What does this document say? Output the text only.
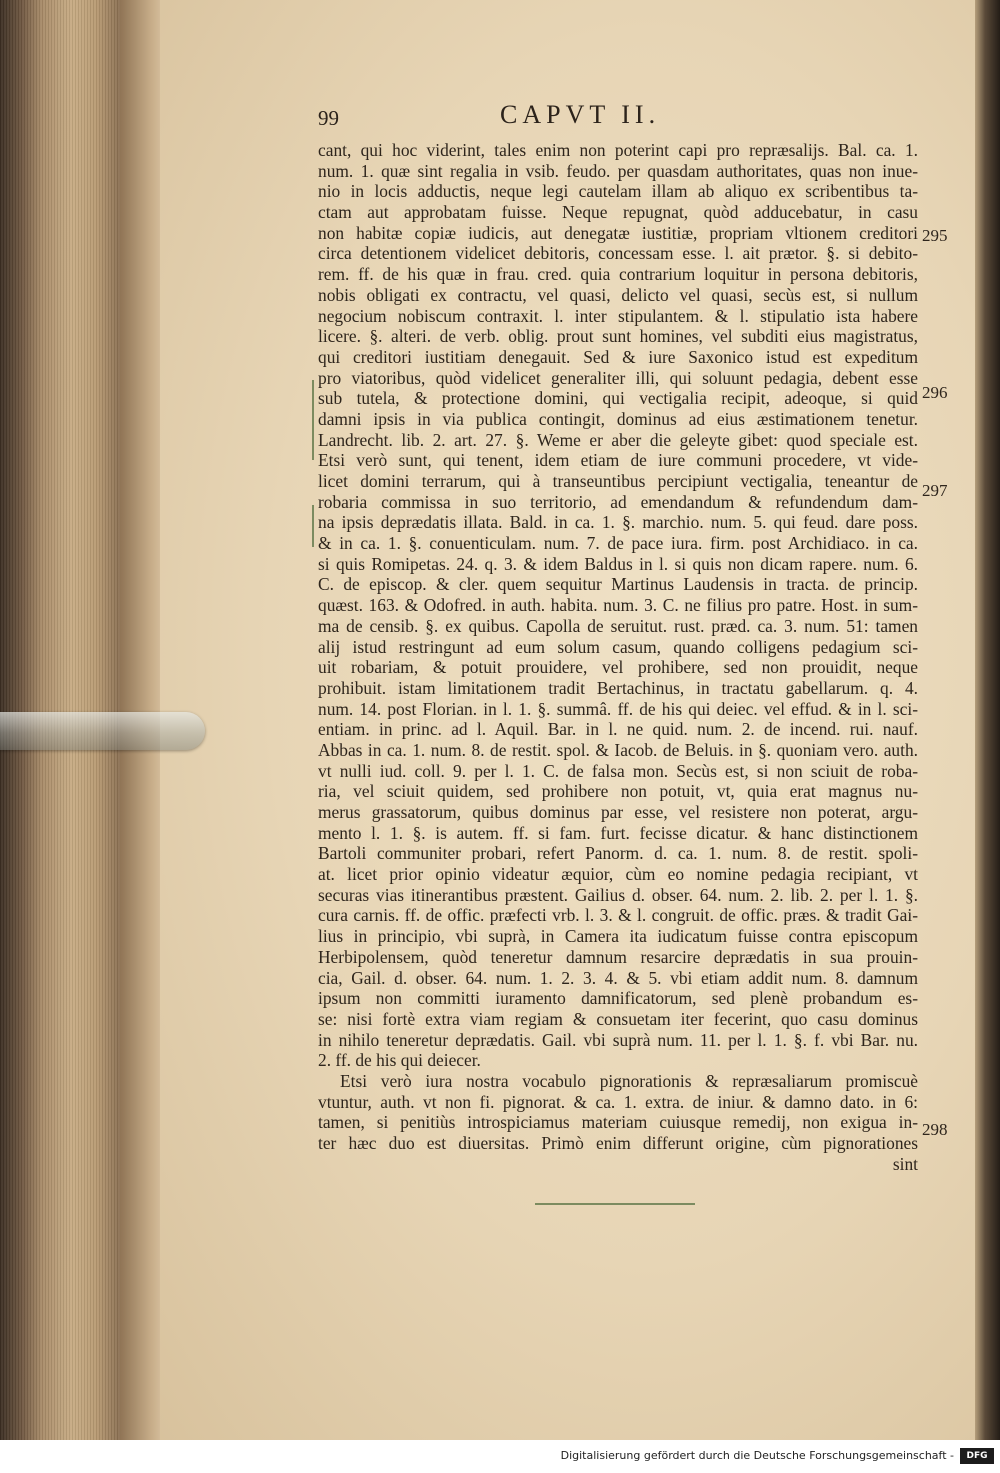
99	CAPVT II.
cant, qui hoc viderint, tales enim non poterint capi pro repræsalijs. Bal. ca. 1.
num. 1. quæ sint regalia in vsib. feudo. per quasdam authoritates, quas non inue-
nio in locis adductis, neque legi cautelam illam ab aliquo ex scribentibus ta-
ctam aut approbatam fuisse. Neque repugnat, quòd adducebatur, in casu
non habitæ copiæ iudicis, aut denegatæ iustitiæ, propriam vltionem creditori
circa detentionem videlicet debitoris, concessam esse. l. ait prætor. §. si debito-
rem. ff. de his quæ in frau. cred. quia contrarium loquitur in persona debitoris,
nobis obligati ex contractu, vel quasi, delicto vel quasi, secùs est, si nullum
negocium nobiscum contraxit. l. inter stipulantem. & l. stipulatio ista habere
licere. §. alteri. de verb. oblig. prout sunt homines, vel subditi eius magistratus,
qui creditori iustitiam denegauit. Sed & iure Saxonico istud est expeditum
pro viatoribus, quòd videlicet generaliter illi, qui soluunt pedagia, debent esse
sub tutela, & protectione domini, qui vectigalia recipit, adeoque, si quid
damni ipsis in via publica contingit, dominus ad eius æstimationem tenetur.
Landrecht. lib. 2. art. 27. §. Weme er aber die geleyte gibet: quod speciale est.
Etsi verò sunt, qui tenent, idem etiam de iure communi procedere, vt vide-
licet domini terrarum, qui à transeuntibus percipiunt vectigalia, teneantur de
robaria commissa in suo territorio, ad emendandum & refundendum dam-
na ipsis deprædatis illata. Bald. in ca. 1. §. marchio. num. 5. qui feud. dare poss.
& in ca. 1. §. conuenticulam. num. 7. de pace iura. firm. post Archidiaco. in ca.
si quis Romipetas. 24. q. 3. & idem Baldus in l. si quis non dicam rapere. num. 6.
C. de episcop. & cler. quem sequitur Martinus Laudensis in tracta. de princip.
quæst. 163. & Odofred. in auth. habita. num. 3. C. ne filius pro patre. Host. in sum-
ma de censib. §. ex quibus. Capolla de seruitut. rust. præd. ca. 3. num. 51: tamen
alij istud restringunt ad eum solum casum, quando colligens pedagium sci-
uit robariam, & potuit prouidere, vel prohibere, sed non prouidit, neque
prohibuit. istam limitationem tradit Bertachinus, in tractatu gabellarum. q. 4.
num. 14. post Florian. in l. 1. §. summâ. ff. de his qui deiec. vel effud. & in l. sci-
entiam. in princ. ad l. Aquil. Bar. in l. ne quid. num. 2. de incend. rui. nauf.
Abbas in ca. 1. num. 8. de restit. spol. & Iacob. de Beluis. in §. quoniam vero. auth.
vt nulli iud. coll. 9. per l. 1. C. de falsa mon. Secùs est, si non sciuit de roba-
ria, vel sciuit quidem, sed prohibere non potuit, vt, quia erat magnus nu-
merus grassatorum, quibus dominus par esse, vel resistere non poterat, argu-
mento l. 1. §. is autem. ff. si fam. furt. fecisse dicatur. & hanc distinctionem
Bartoli communiter probari, refert Panorm. d. ca. 1. num. 8. de restit. spoli-
at. licet prior opinio videatur æquior, cùm eo nomine pedagia recipiant, vt
securas vias itinerantibus præstent. Gailius d. obser. 64. num. 2. lib. 2. per l. 1. §.
cura carnis. ff. de offic. præfecti vrb. l. 3. & l. congruit. de offic. præs. & tradit Gai-
lius in principio, vbi suprà, in Camera ita iudicatum fuisse contra episcopum
Herbipolensem, quòd teneretur damnum resarcire deprædatis in sua prouin-
cia, Gail. d. obser. 64. num. 1. 2. 3. 4. & 5. vbi etiam addit num. 8. damnum
ipsum non committi iuramento damnificatorum, sed plenè probandum es-
se: nisi fortè extra viam regiam & consuetam iter fecerint, quo casu dominus
in nihilo teneretur deprædatis. Gail. vbi suprà num. 11. per l. 1. §. f. vbi Bar. nu.
2. ff. de his qui deiecer.
Etsi verò iura nostra vocabulo pignorationis & repræsaliarum promiscuè
vtuntur, auth. vt non fi. pignorat. & ca. 1. extra. de iniur. & damno dato. in 6:
tamen, si penitiùs introspiciamus materiam cuiusque remedij, non exigua in-
ter hæc duo est diuersitas. Primò enim differunt origine, cùm pignorationes
sint
295
296
297
298
Digitalisierung gefördert durch die Deutsche Forschungsgemeinschaft -	DFG
